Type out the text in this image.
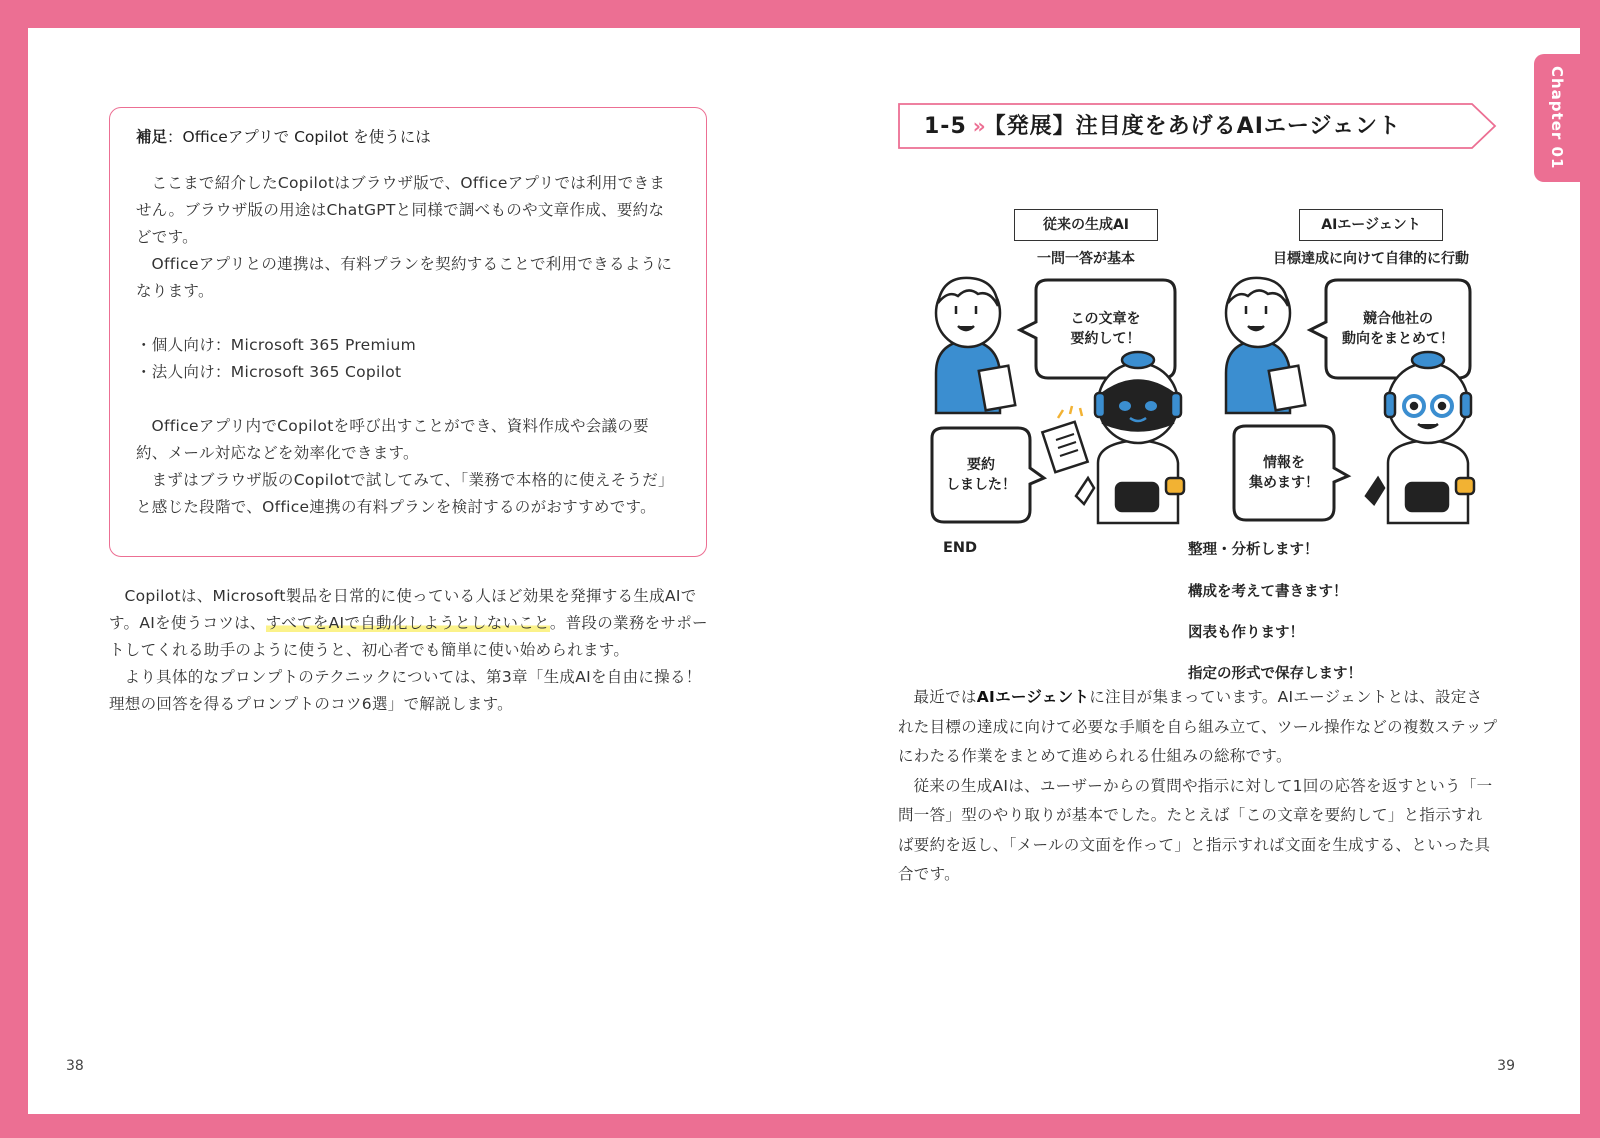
補足：Officeアプリで Copilot を使うには

ここまで紹介したCopilotはブラウザ版で、Officeアプリでは利用できません。ブラウザ版の用途はChatGPTと同様で調べものや文章作成、要約などです。

Officeアプリとの連携は、有料プランを契約することで利用できるようになります。

・個人向け：Microsoft 365 Premium
・法人向け：Microsoft 365 Copilot

Officeアプリ内でCopilotを呼び出すことができ、資料作成や会議の要約、メール対応などを効率化できます。

まずはブラウザ版のCopilotで試してみて、「業務で本格的に使えそうだ」と感じた段階で、Office連携の有料プランを検討するのがおすすめです。

Copilotは、Microsoft製品を日常的に使っている人ほど効果を発揮する生成AIです。AIを使うコツは、すべてをAIで自動化しようとしないこと。普段の業務をサポートしてくれる助手のように使うと、初心者でも簡単に使い始められます。

より具体的なプロンプトのテクニックについては、第3章「生成AIを自由に操る！ 理想の回答を得るプロンプトのコツ6選」で解説します。

38
Chapter 01
1-5 » 【発展】注目度をあげるAIエージェント
従来の生成AI
一問一答が基本
AIエージェント
目標達成に向けて自律的に行動
この文章を
要約して！
要約
しました！
競合他社の
動向をまとめて！
情報を
集めます！
END	整理・分析します！
構成を考えて書きます！
図表も作ります！
指定の形式で保存します！

最近ではAIエージェントに注目が集まっています。AIエージェントとは、設定された目標の達成に向けて必要な手順を自ら組み立て、ツール操作などの複数ステップにわたる作業をまとめて進められる仕組みの総称です。

従来の生成AIは、ユーザーからの質問や指示に対して1回の応答を返すという「一問一答」型のやり取りが基本でした。たとえば「この文章を要約して」と指示すれば要約を返し、「メールの文面を作って」と指示すれば文面を生成する、といった具合です。

39
